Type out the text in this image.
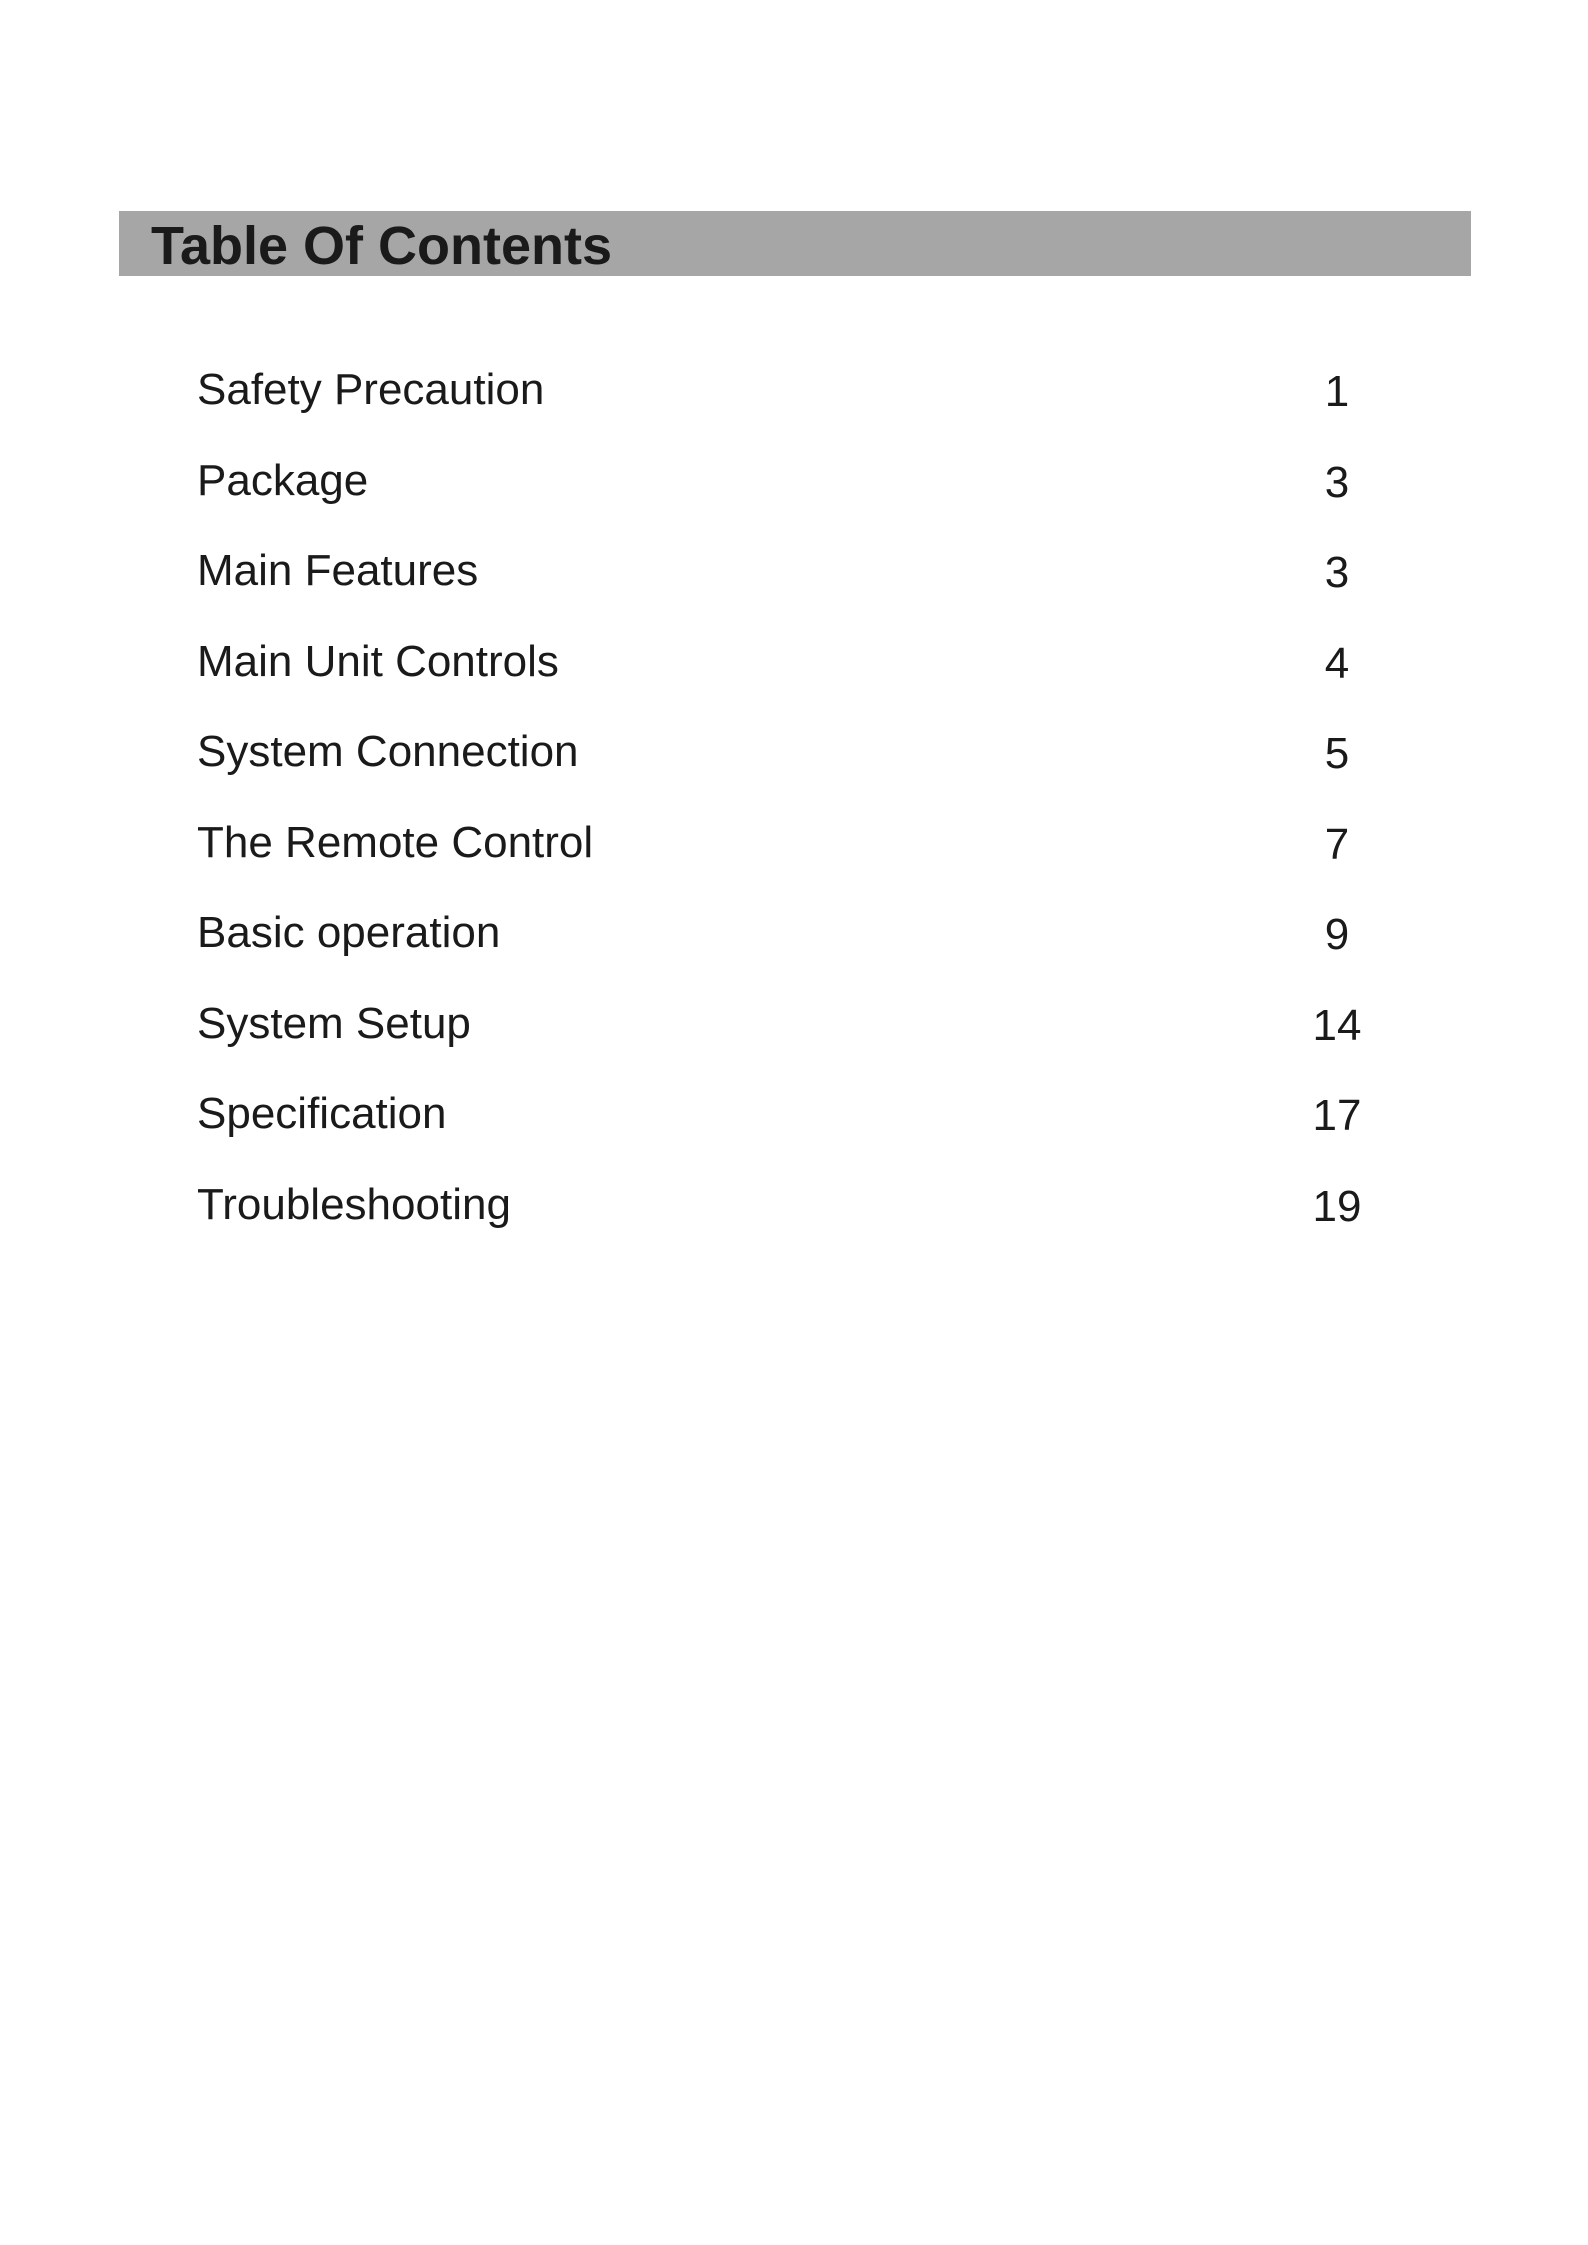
Table Of Contents
Safety Precaution	1
Package	3
Main Features	3
Main Unit Controls	4
System Connection	5
The Remote Control	7
Basic operation	9
System Setup	14
Specification	17
Troubleshooting	19
